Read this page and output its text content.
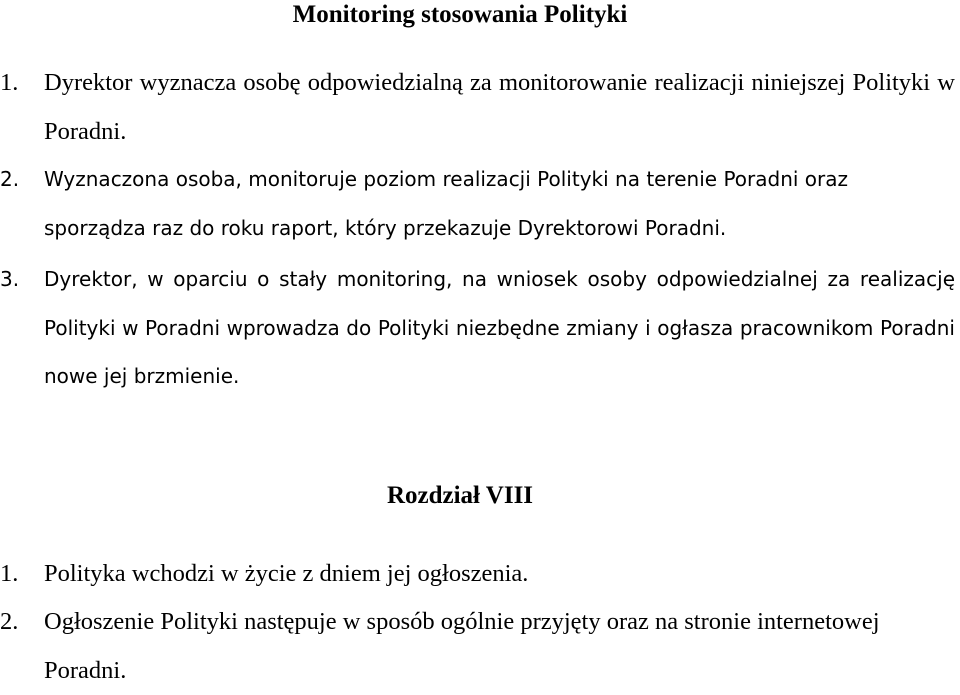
Monitoring stosowania Polityki
1.	Dyrektor wyznacza osobę odpowiedzialną za monitorowanie realizacji niniejszej Polityki w Poradni.
2.	Wyznaczona osoba, monitoruje poziom realizacji Polityki na terenie Poradni oraz sporządza raz do roku raport, który przekazuje Dyrektorowi Poradni.
3.	Dyrektor, w oparciu o stały monitoring, na wniosek osoby odpowiedzialnej za realizację Polityki w Poradni wprowadza do Polityki niezbędne zmiany i ogłasza pracownikom Poradni nowe jej brzmienie.
Rozdział VIII
1.	Polityka wchodzi w życie z dniem jej ogłoszenia.
2.	Ogłoszenie Polityki następuje w sposób ogólnie przyjęty oraz na stronie internetowej Poradni.
